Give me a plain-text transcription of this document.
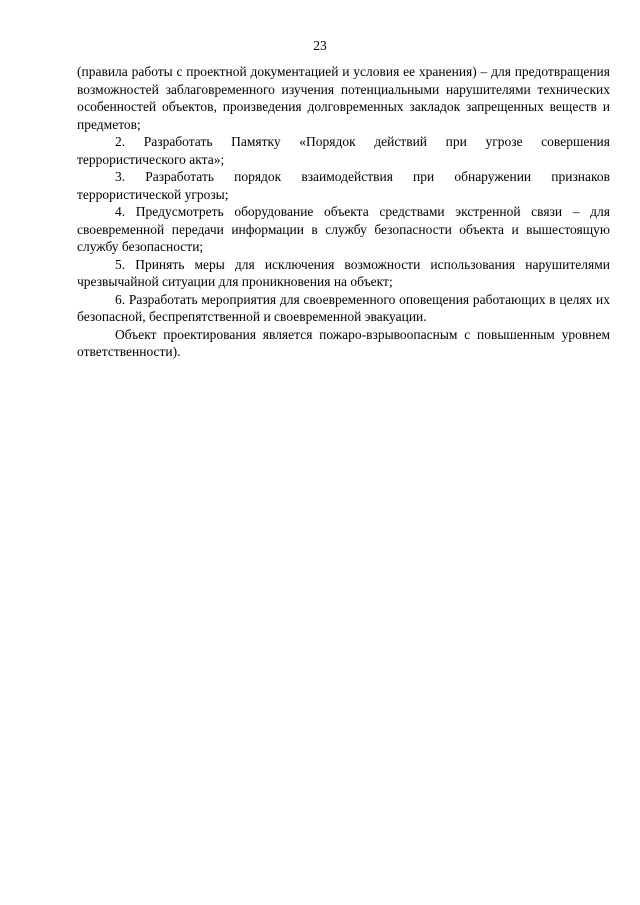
23

(правила работы с проектной документацией и условия ее хранения) – для предотвращения возможностей заблаговременного изучения потенциальными нарушителями технических особенностей объектов, произведения долговременных закладок запрещенных веществ и предметов;

2. Разработать Памятку «Порядок действий при угрозе совершения террористического акта»;

3. Разработать порядок взаимодействия при обнаружении признаков террористической угрозы;

4. Предусмотреть оборудование объекта средствами экстренной связи – для своевременной передачи информации в службу безопасности объекта и вышестоящую службу безопасности;

5. Принять меры для исключения возможности использования нарушителями чрезвычайной ситуации для проникновения на объект;

6. Разработать мероприятия для своевременного оповещения работающих в целях их безопасной, беспрепятственной и своевременной эвакуации.

Объект проектирования является пожаро-взрывоопасным с повышенным уровнем ответственности).
